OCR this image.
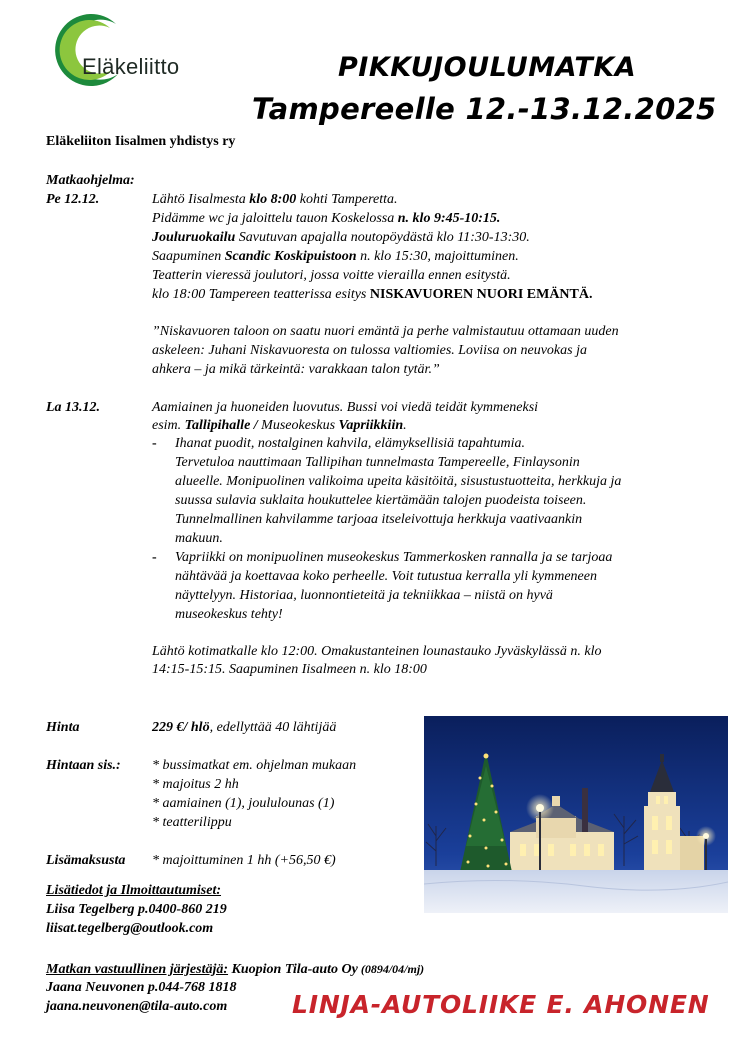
Eläkeliitto	PIKKUJOULUMATKA
Tampereelle 12.-13.12.2025
Eläkeliiton Iisalmen yhdistys ry
Matkaohjelma:
Pe 12.12.	Lähtö Iisalmesta klo 8:00 kohti Tamperetta.
Pidämme wc ja jaloittelu tauon Koskelossa n. klo 9:45-10:15.
Jouluruokailu Savutuvan apajalla noutopöydästä klo 11:30-13:30.
Saapuminen Scandic Koskipuistoon n. klo 15:30, majoittuminen.
Teatterin vieressä joulutori, jossa voitte vierailla ennen esitystä.
klo 18:00 Tampereen teatterissa esitys NISKAVUOREN NUORI EMÄNTÄ.
”Niskavuoren taloon on saatu nuori emäntä ja perhe valmistautuu ottamaan uuden
askeleen: Juhani Niskavuoresta on tulossa valtiomies. Loviisa on neuvokas ja
ahkera – ja mikä tärkeintä: varakkaan talon tytär.”
La 13.12.	Aamiainen ja huoneiden luovutus. Bussi voi viedä teidät kymmeneksi
esim. Tallipihalle / Museokeskus Vapriikkiin.
- Ihanat puodit, nostalginen kahvila, elämyksellisiä tapahtumia.
Tervetuloa nauttimaan Tallipihan tunnelmasta Tampereelle, Finlaysonin
alueelle. Monipuolinen valikoima upeita käsitöitä, sisustustuotteita, herkkuja ja
suussa sulavia suklaita houkuttelee kiertämään talojen puodeista toiseen.
Tunnelmallinen kahvilamme tarjoaa itseleivottuja herkkuja vaativaankin
makuun.
- Vapriikki on monipuolinen museokeskus Tammerkosken rannalla ja se tarjoaa
nähtävää ja koettavaa koko perheelle. Voit tutustua kerralla yli kymmeneen
näyttelyyn. Historiaa, luonnontieteitä ja tekniikkaa – niistä on hyvä
museokeskus tehty!
Lähtö kotimatkalle klo 12:00. Omakustanteinen lounastauko Jyväskylässä n. klo
14:15-15:15. Saapuminen Iisalmeen n. klo 18:00
Hinta	229 €/ hlö, edellyttää 40 lähtijää
Hintaan sis.: * bussimatkat em. ohjelman mukaan
* majoitus 2 hh
* aamiainen (1), joululounas (1)
* teatterilippu
Lisämaksusta * majoittuminen 1 hh (+56,50 €)
Lisätiedot ja Ilmoittautumiset:
Liisa Tegelberg p.0400-860 219
liisat.tegelberg@outlook.com
Matkan vastuullinen järjestäjä: Kuopion Tila-auto Oy (0894/04/mj)
Jaana Neuvonen p.044-768 1818
jaana.neuvonen@tila-auto.com	LINJA-AUTOLIIKE E. AHONEN
